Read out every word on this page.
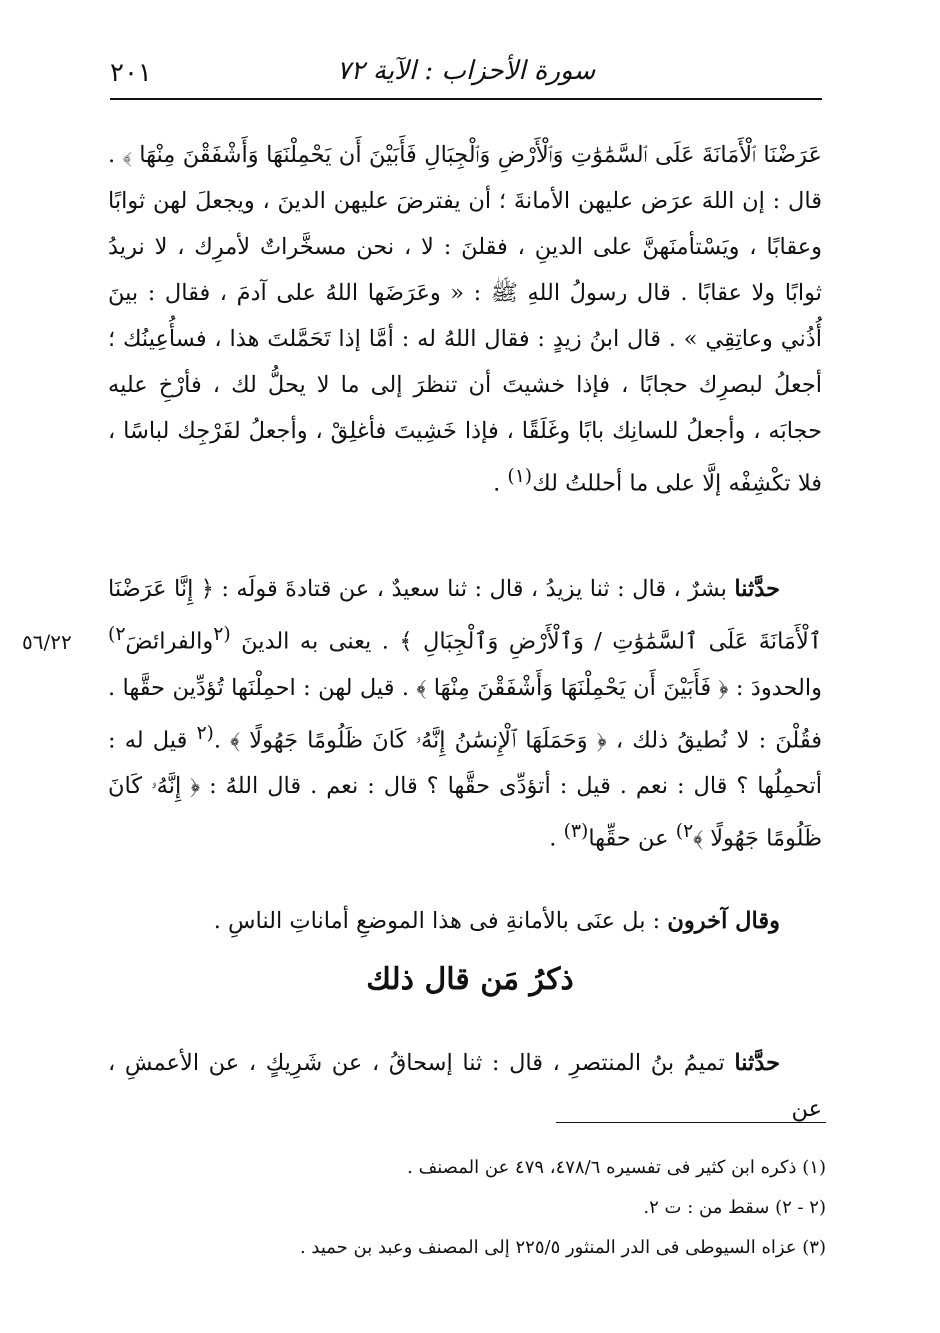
٢٠١	سورة الأحزاب : الآية ٧٢
عَرَضْنَا ٱلْأَمَانَةَ عَلَى ٱلسَّمَٰوَٰتِ وَٱلْأَرْضِ وَٱلْجِبَالِ فَأَبَيْنَ أَن يَحْمِلْنَهَا وَأَشْفَقْنَ مِنْهَا ﴾ . قال : إن اللهَ عرَض عليهن الأمانةَ ؛ أن يفترضَ عليهن الدينَ ، ويجعلَ لهن ثوابًا وعقابًا ، ويَسْتأمنَهنَّ على الدينِ ، فقلنَ : لا ، نحن مسخَّراتٌ لأمرِك ، لا نريدُ ثوابًا ولا عقابًا . قال رسولُ اللهِ ﷺ : « وعَرَضَها اللهُ على آدمَ ، فقال : بينَ أُذُني وعاتِقِي » . قال ابنُ زيدٍ : فقال اللهُ له : أمَّا إذا تَحَمَّلتَ هذا ، فسأُعِينُك ؛ أجعلُ لبصرِك حجابًا ، فإذا خشيتَ أن تنظرَ إلى ما لا يحلُّ لك ، فأرْخِ عليه حجابَه ، وأجعلُ للسانِك بابًا وغَلَقًا ، فإذا خَشِيتَ فأغلِقْ ، وأجعلُ لفَرْجِك لباسًا ، فلا تكْشِفْه إلَّا على ما أحللتُ لك$^{(١)}$ .
حدَّثنا بشرٌ ، قال : ثنا يزيدُ ، قال : ثنا سعيدٌ ، عن قتادةَ قولَه : ﴿ إِنَّا عَرَضْنَا ٱلْأَمَانَةَ عَلَى ٱلسَّمَٰوَٰتِ / وَٱلْأَرْضِ وَٱلْجِبَالِ ﴾ . يعنى به الدينَ $^{(٢}$والفرائضَ$^{٢)}$ والحدودَ : ﴿ فَأَبَيْنَ أَن يَحْمِلْنَهَا وَأَشْفَقْنَ مِنْهَا ﴾ . قيل لهن : احمِلْنَها تُؤدِّين حقَّها . فقُلْنَ : لا نُطيقُ ذلك ، ﴿ وَحَمَلَهَا ٱلْإِنسَٰنُ إِنَّهُۥ كَانَ ظَلُومًا جَهُولًا ﴾ .$^{(٢}$ قيل له : أتحمِلُها ؟ قال : نعم . قيل : أتؤدِّى حقَّها ؟ قال : نعم . قال اللهُ : ﴿ إِنَّهُۥ كَانَ ظَلُومًا جَهُولًا ﴾$^{٢)}$ عن حقِّها$^{(٣)}$ .
٥٦/٢٢
وقال آخرون : بل عنَى بالأمانةِ فى هذا الموضعِ أماناتِ الناسِ .
ذكرُ مَن قال ذلك
حدَّثنا تميمُ بنُ المنتصرِ ، قال : ثنا إسحاقُ ، عن شَرِيكٍ ، عن الأعمشِ ، عن
(١) ذكره ابن كثير فى تفسيره ٤٧٨/٦، ٤٧٩ عن المصنف .
(٢ - ٢) سقط من : ت ٢.
(٣) عزاه السيوطى فى الدر المنثور ٢٢٥/٥ إلى المصنف وعبد بن حميد .
